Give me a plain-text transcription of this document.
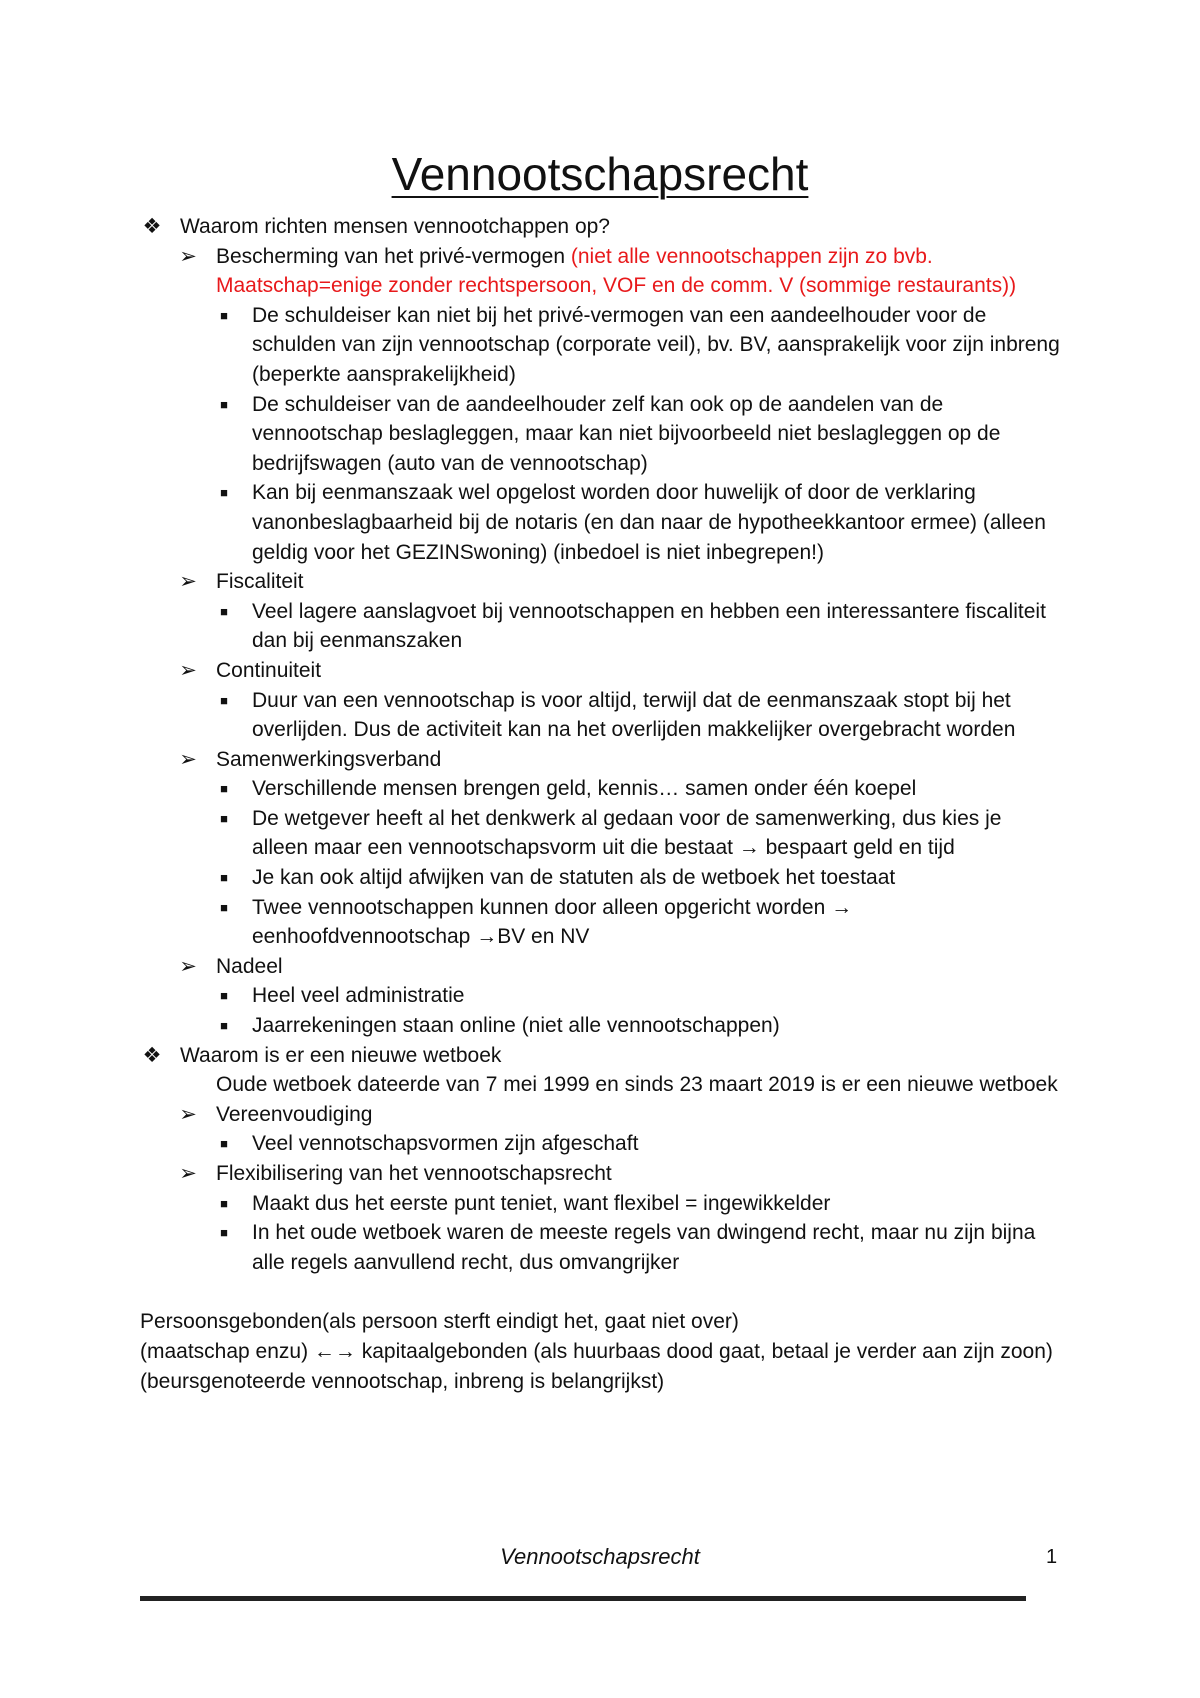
Vennootschapsrecht
❖ Waarom richten mensen vennootchappen op?
➢ Bescherming van het privé-vermogen (niet alle vennootschappen zijn zo bvb. Maatschap=enige zonder rechtspersoon, VOF en de comm. V (sommige restaurants))
■	De schuldeiser kan niet bij het privé-vermogen van een aandeelhouder voor de schulden van zijn vennootschap (corporate veil), bv. BV, aansprakelijk voor zijn inbreng (beperkte aansprakelijkheid)
■	De schuldeiser van de aandeelhouder zelf kan ook op de aandelen van de vennootschap beslagleggen, maar kan niet bijvoorbeeld niet beslagleggen op de bedrijfswagen (auto van de vennootschap)
■	Kan bij eenmanszaak wel opgelost worden door huwelijk of door de verklaring vanonbeslagbaarheid bij de notaris (en dan naar de hypotheekkantoor ermee) (alleen geldig voor het GEZINSwoning) (inbedoel is niet inbegrepen!)
➢ Fiscaliteit
■	Veel lagere aanslagvoet bij vennootschappen en hebben een interessantere fiscaliteit dan bij eenmanszaken
➢ Continuiteit
■	Duur van een vennootschap is voor altijd, terwijl dat de eenmanszaak stopt bij het overlijden. Dus de activiteit kan na het overlijden makkelijker overgebracht worden
➢ Samenwerkingsverband
■	Verschillende mensen brengen geld, kennis… samen onder één koepel
■	De wetgever heeft al het denkwerk al gedaan voor de samenwerking, dus kies je alleen maar een vennootschapsvorm uit die bestaat → bespaart geld en tijd
■	Je kan ook altijd afwijken van de statuten als de wetboek het toestaat
■	Twee vennootschappen kunnen door alleen opgericht worden → eenhoofdvennootschap →BV en NV
➢ Nadeel
■	Heel veel administratie
■	Jaarrekeningen staan online (niet alle vennootschappen)
❖ Waarom is er een nieuwe wetboek
Oude wetboek dateerde van 7 mei 1999 en sinds 23 maart 2019 is er een nieuwe wetboek
➢ Vereenvoudiging
■	Veel vennotschapsvormen zijn afgeschaft
➢ Flexibilisering van het vennootschapsrecht
■	Maakt dus het eerste punt teniet, want flexibel = ingewikkelder
■	In het oude wetboek waren de meeste regels van dwingend recht, maar nu zijn bijna alle regels aanvullend recht, dus omvangrijker
Persoonsgebonden(als persoon sterft eindigt het, gaat niet over)
(maatschap enzu) ←→ kapitaalgebonden (als huurbaas dood gaat, betaal je verder aan zijn zoon) (beursgenoteerde vennootschap, inbreng is belangrijkst)
Vennootschapsrecht	1
